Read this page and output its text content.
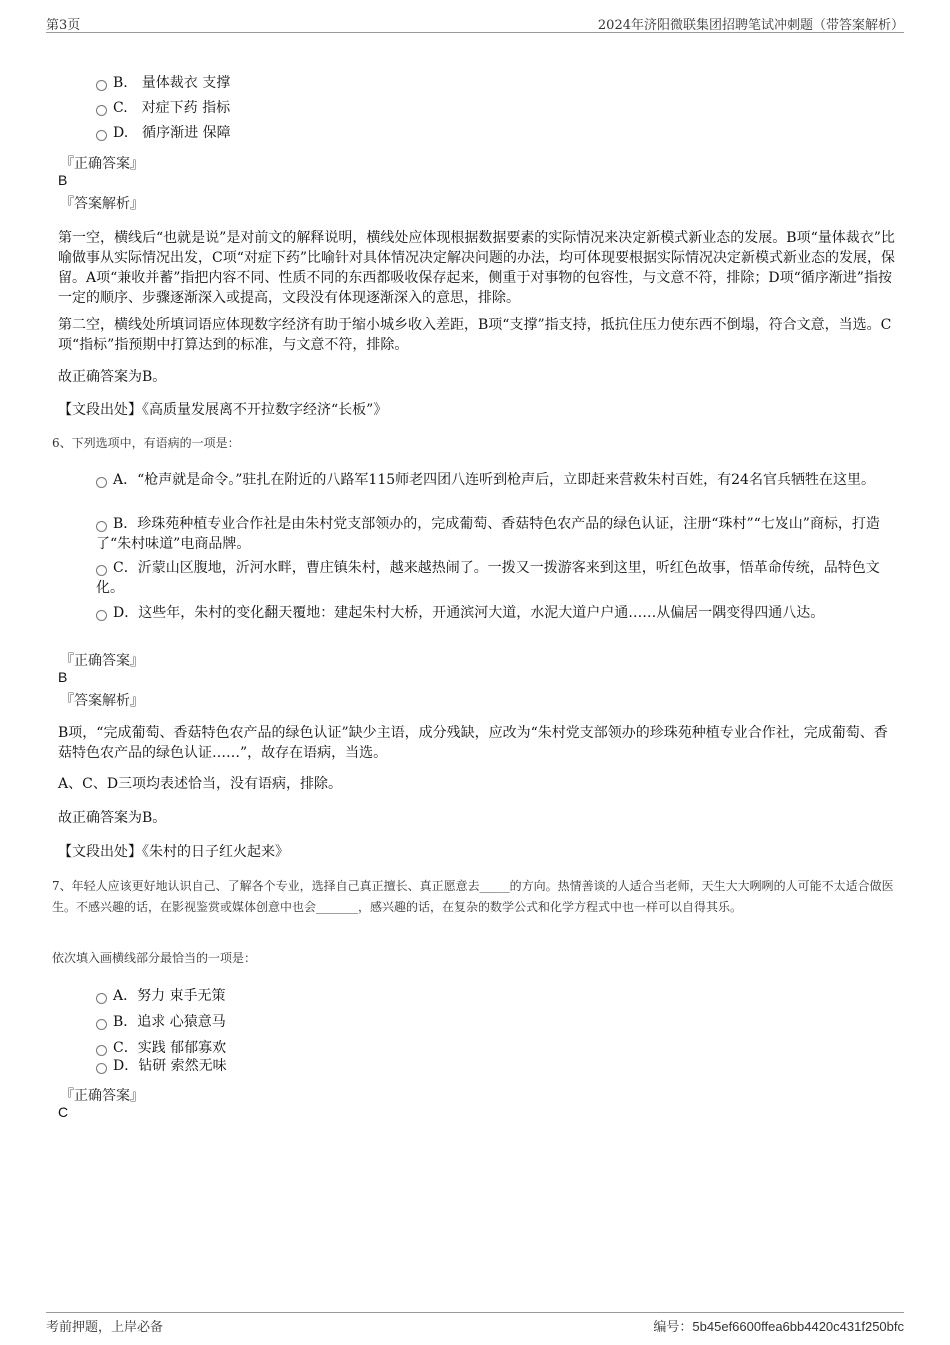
第3页	2024年济阳微联集团招聘笔试冲刺题（带答案解析）
B.　量体裁衣 支撑
C.　对症下药 指标
D.　循序渐进 保障
『正确答案』
B
『答案解析』
第一空，横线后“也就是说”是对前文的解释说明，横线处应体现根据数据要素的实际情况来决定新模式新业态的发展。B项“量体裁衣”比喻做事从实际情况出发，C项“对症下药”比喻针对具体情况决定解决问题的办法，均可体现要根据实际情况决定新模式新业态的发展，保留。A项“兼收并蓄”指把内容不同、性质不同的东西都吸收保存起来，侧重于对事物的包容性，与文意不符，排除；D项“循序渐进”指按一定的顺序、步骤逐渐深入或提高，文段没有体现逐渐深入的意思，排除。
第二空，横线处所填词语应体现数字经济有助于缩小城乡收入差距，B项“支撑”指支持，抵抗住压力使东西不倒塌，符合文意，当选。C项“指标”指预期中打算达到的标准，与文意不符，排除。
故正确答案为B。
【文段出处】《高质量发展离不开拉数字经济“长板”》
6、下列选项中，有语病的一项是：
A．“枪声就是命令。”驻扎在附近的八路军115师老四团八连听到枪声后，立即赶来营救朱村百姓，有24名官兵牺牲在这里。
B．珍珠苑种植专业合作社是由朱村党支部领办的，完成葡萄、香菇特色农产品的绿色认证，注册“珠村”“七岌山”商标，打造了“朱村味道”电商品牌。
C．沂蒙山区腹地，沂河水畔，曹庄镇朱村，越来越热闹了。一拨又一拨游客来到这里，听红色故事，悟革命传统，品特色文化。
D．这些年，朱村的变化翻天覆地：建起朱村大桥，开通滨河大道，水泥大道户户通……从偏居一隅变得四通八达。
『正确答案』
B
『答案解析』
B项，“完成葡萄、香菇特色农产品的绿色认证”缺少主语，成分残缺，应改为“朱村党支部领办的珍珠苑种植专业合作社，完成葡萄、香菇特色农产品的绿色认证……”，故存在语病，当选。
A、C、D三项均表述恰当，没有语病，排除。
故正确答案为B。
【文段出处】《朱村的日子红火起来》
7、年轻人应该更好地认识自己、了解各个专业，选择自己真正擅长、真正愿意去_____的方向。热情善谈的人适合当老师，天生大大咧咧的人可能不太适合做医生。不感兴趣的话，在影视鉴赏或媒体创意中也会_______，感兴趣的话，在复杂的数学公式和化学方程式中也一样可以自得其乐。
依次填入画横线部分最恰当的一项是：
A．努力 束手无策
B．追求 心猿意马
C．实践 郁郁寡欢
D．钻研 索然无味
『正确答案』
C
考前押题，上岸必备	编号：5b45ef6600ffea6bb4420c431f250bfc
